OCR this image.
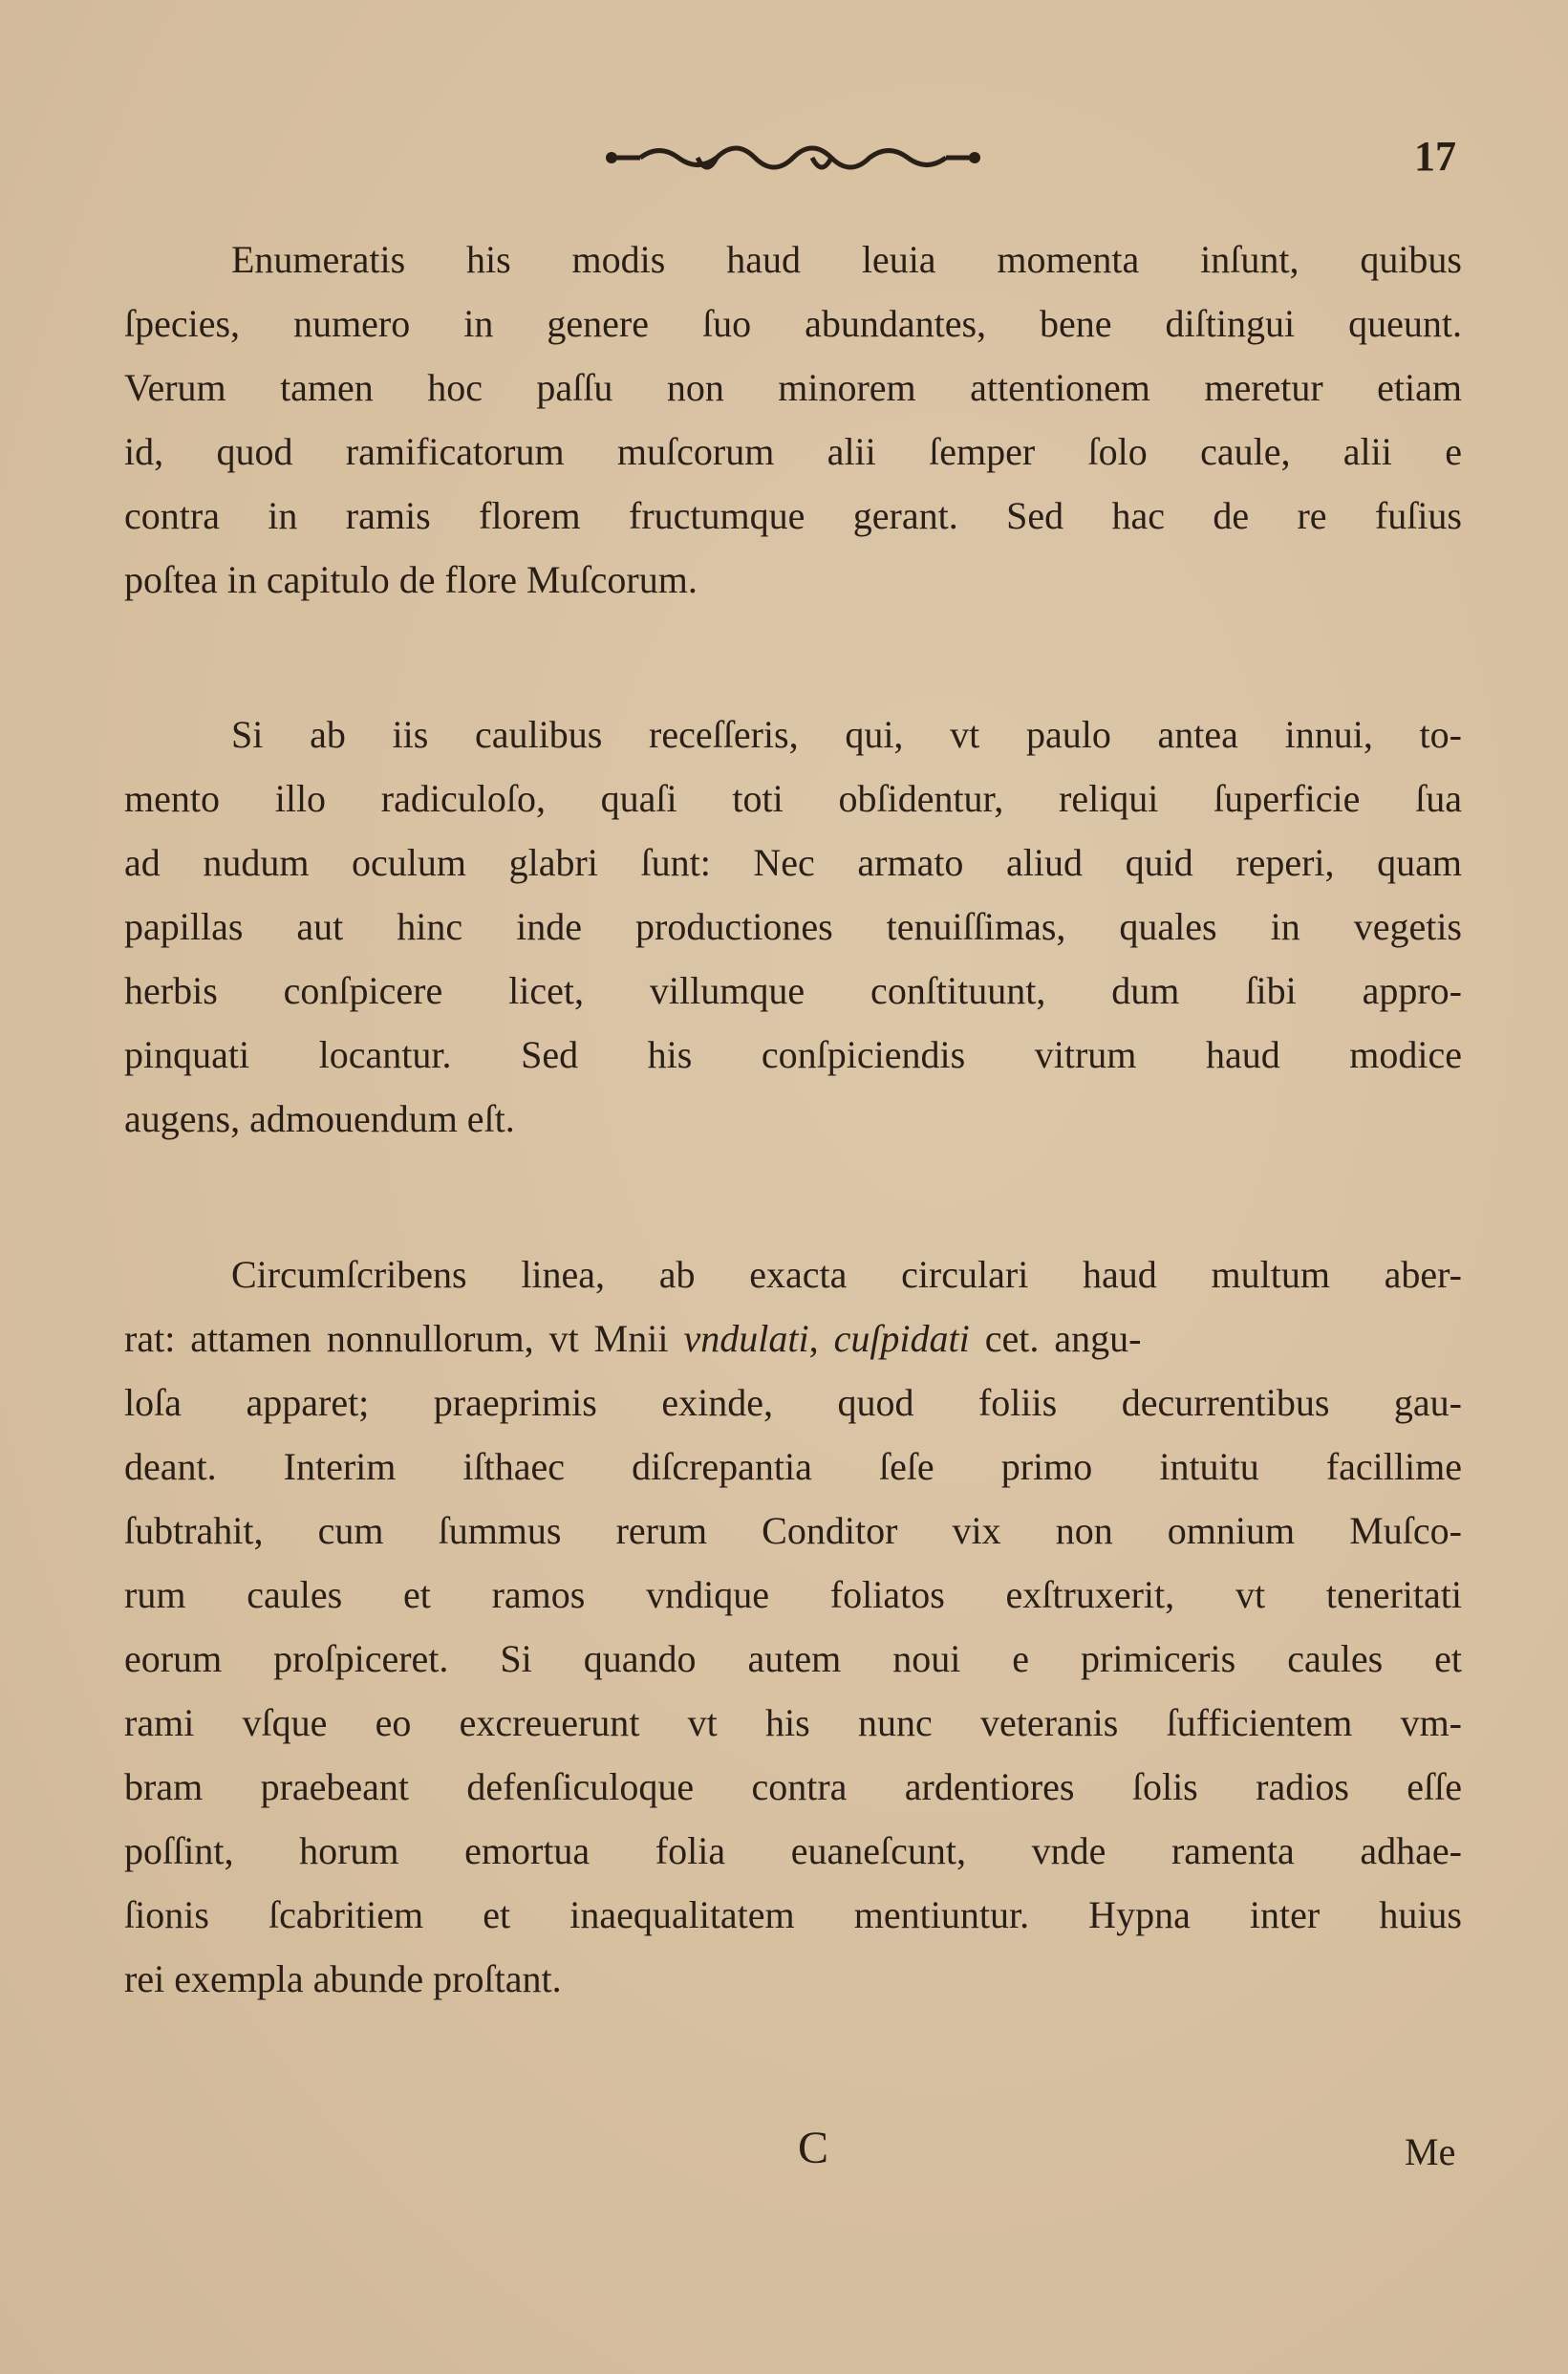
17
Enumeratis his modis haud leuia momenta inſunt, quibus
ſpecies, numero in genere ſuo abundantes, bene diſtingui queunt.
Verum tamen hoc paſſu non minorem attentionem meretur etiam
id, quod ramificatorum muſcorum alii ſemper ſolo caule, alii e
contra in ramis florem fructumque gerant. Sed hac de re fuſius
poſtea in capitulo de flore Muſcorum.
Si ab iis caulibus receſſeris, qui, vt paulo antea innui, to-
mento illo radiculoſo, quaſi toti obſidentur, reliqui ſuperficie ſua
ad nudum oculum glabri ſunt: Nec armato aliud quid reperi, quam
papillas aut hinc inde productiones tenuiſſimas, quales in vegetis
herbis conſpicere licet, villumque conſtituunt, dum ſibi appro-
pinquati locantur. Sed his conſpiciendis vitrum haud modice
augens, admouendum eſt.
Circumſcribens linea, ab exacta circulari haud multum aber-
rat: attamen nonnullorum, vt Mnii vndulati, cuſpidati cet. angu-
loſa apparet; praeprimis exinde, quod foliis decurrentibus gau-
deant. Interim iſthaec diſcrepantia ſeſe primo intuitu facillime
ſubtrahit, cum ſummus rerum Conditor vix non omnium Muſco-
rum caules et ramos vndique foliatos exſtruxerit, vt teneritati
eorum proſpiceret. Si quando autem noui e primiceris caules et
rami vſque eo excreuerunt vt his nunc veteranis ſufficientem vm-
bram praebeant defenſiculoque contra ardentiores ſolis radios eſſe
poſſint, horum emortua folia euaneſcunt, vnde ramenta adhae-
ſionis ſcabritiem et inaequalitatem mentiuntur. Hypna inter huius
rei exempla abunde proſtant.
C	Me
